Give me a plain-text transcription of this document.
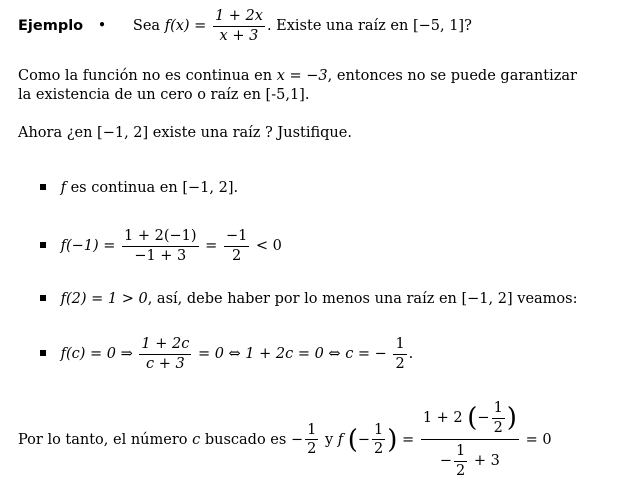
Ejemplo • Sea $f(x) = \frac{1 + 2x}{x + 3}$ . Existe una raíz en [−5, 1]?
Como la función no es continua en x = −3, entonces no se puede garantizar
la existencia de un cero o raíz en [-5,1].
Ahora ¿en [−1, 2] existe una raíz ? Justifique.
f es continua en [−1, 2].
$f(-1) = \frac{1 + 2(-1)}{-1 + 3} = \frac{-1}{2} < 0$
f(2) = 1 > 0, así, debe haber por lo menos una raíz en [−1, 2] veamos:
f(c) = 0 ⇒ $\frac{1 + 2c}{c + 3} = 0$ ⇔ 1 + 2c = 0 ⇔ c = − $\frac{1}{2}$ .
Por lo tanto, el número c buscado es − $\frac{1}{2}$ y f (− $\frac{1}{2}$ ) = $\frac{1 + 2 (- \frac{1}{2} )}{- \frac{1}{2} + 3} = 0$
